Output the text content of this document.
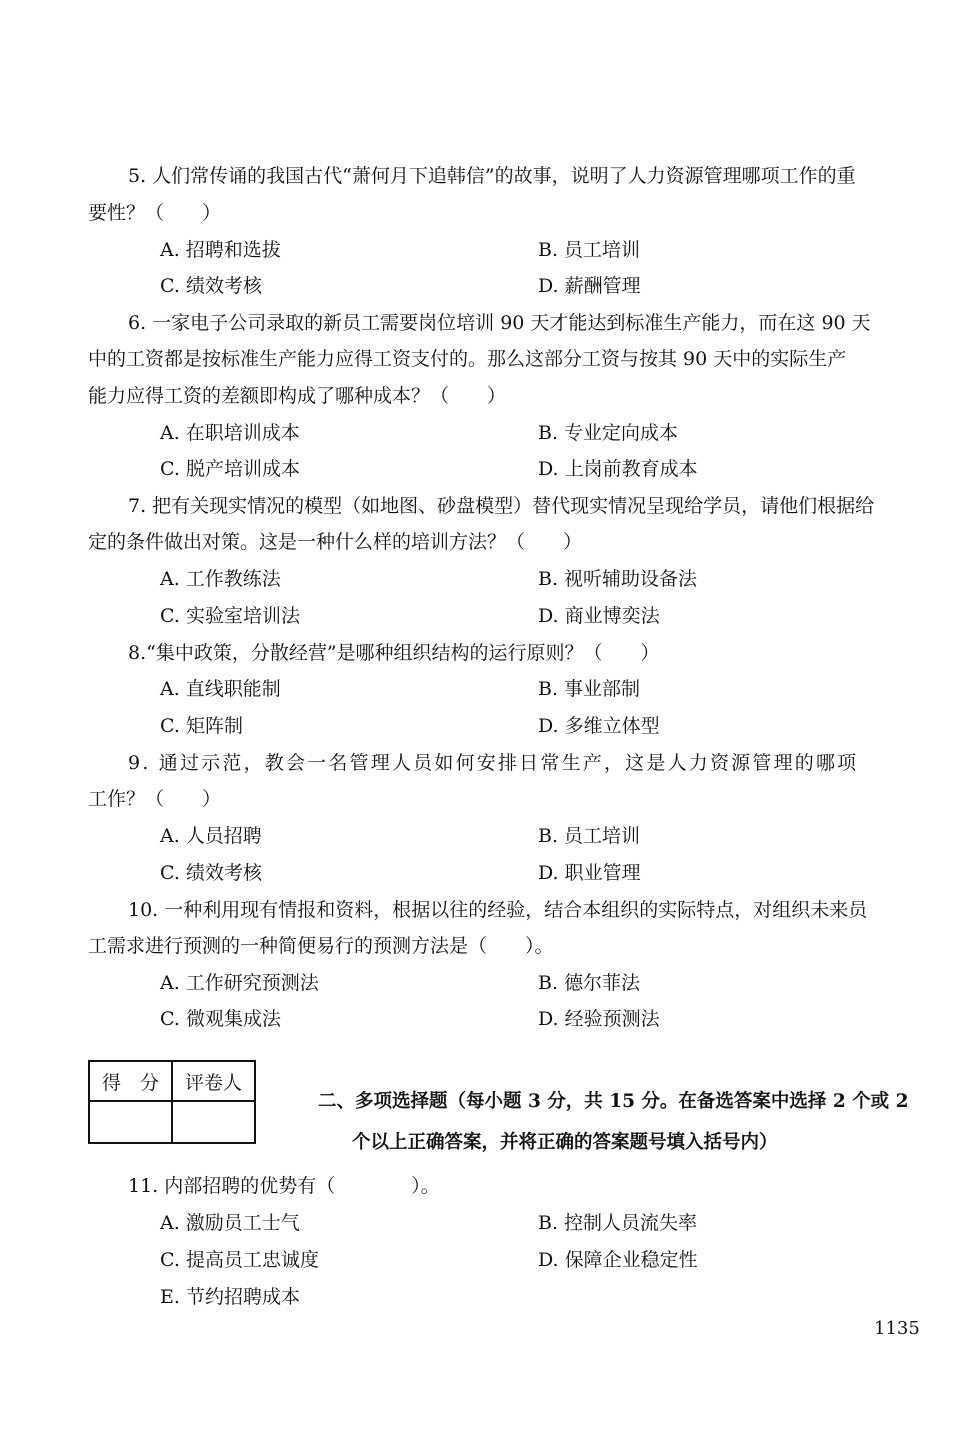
5. 人们常传诵的我国古代“萧何月下追韩信”的故事，说明了人力资源管理哪项工作的重
要性？（　　）
A. 招聘和选拔	B. 员工培训
C. 绩效考核	D. 薪酬管理
6. 一家电子公司录取的新员工需要岗位培训 90 天才能达到标准生产能力，而在这 90 天
中的工资都是按标准生产能力应得工资支付的。那么这部分工资与按其 90 天中的实际生产
能力应得工资的差额即构成了哪种成本？（　　）
A. 在职培训成本	B. 专业定向成本
C. 脱产培训成本	D. 上岗前教育成本
7. 把有关现实情况的模型（如地图、砂盘模型）替代现实情况呈现给学员，请他们根据给
定的条件做出对策。这是一种什么样的培训方法？（　　）
A. 工作教练法	B. 视听辅助设备法
C. 实验室培训法	D. 商业博奕法
8.“集中政策，分散经营”是哪种组织结构的运行原则？（　　）
A. 直线职能制	B. 事业部制
C. 矩阵制	D. 多维立体型
9. 通过示范，教会一名管理人员如何安排日常生产，这是人力资源管理的哪项
工作？（　　）
A. 人员招聘	B. 员工培训
C. 绩效考核	D. 职业管理
10. 一种利用现有情报和资料，根据以往的经验，结合本组织的实际特点，对组织未来员
工需求进行预测的一种简便易行的预测方法是（　　）。
A. 工作研究预测法	B. 德尔菲法
C. 微观集成法	D. 经验预测法
得　分	评卷人

二、多项选择题（每小题 3 分，共 15 分。在备选答案中选择 2 个或 2
个以上正确答案，并将正确的答案题号填入括号内）
11. 内部招聘的优势有（　　　　）。
A. 激励员工士气	B. 控制人员流失率
C. 提高员工忠诚度	D. 保障企业稳定性
E. 节约招聘成本
1135
